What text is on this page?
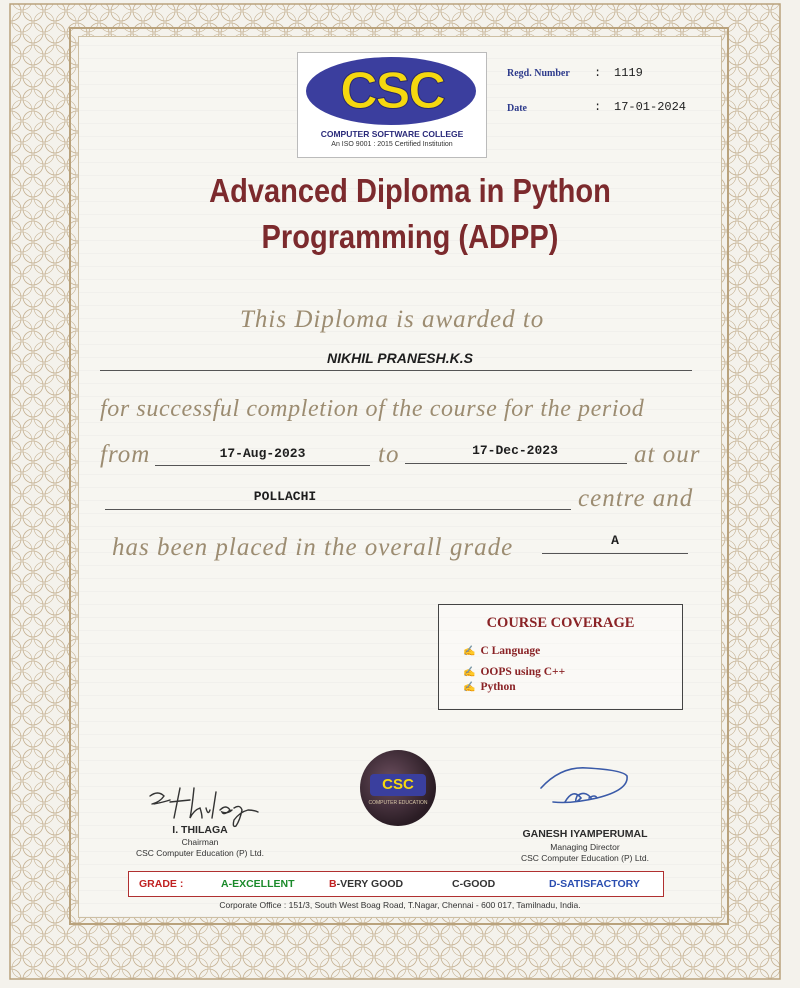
CSC
COMPUTER SOFTWARE COLLEGE
An ISO 9001 : 2015 Certified Institution
Regd. Number : 1119
Date	: 17-01-2024
Advanced Diploma in Python
Programming (ADPP)
This Diploma is awarded to
NIKHIL PRANESH.K.S
for successful completion of the course for the period
from	17-Aug-2023	to	17-Dec-2023	at our
POLLACHI	centre and
has been placed in the overall grade	A
COURSE COVERAGE
✍ C Language
✍ OOPS using C++
✍ Python
CSC
COMPUTER EDUCATION
I. THILAGA
Chairman
CSC Computer Education (P) Ltd.
GANESH IYAMPERUMAL
Managing Director
CSC Computer Education (P) Ltd.
GRADE :	A-EXCELLENT	B-VERY GOOD	C-GOOD	D-SATISFACTORY
Corporate Office : 151/3, South West Boag Road, T.Nagar, Chennai - 600 017, Tamilnadu, India.
